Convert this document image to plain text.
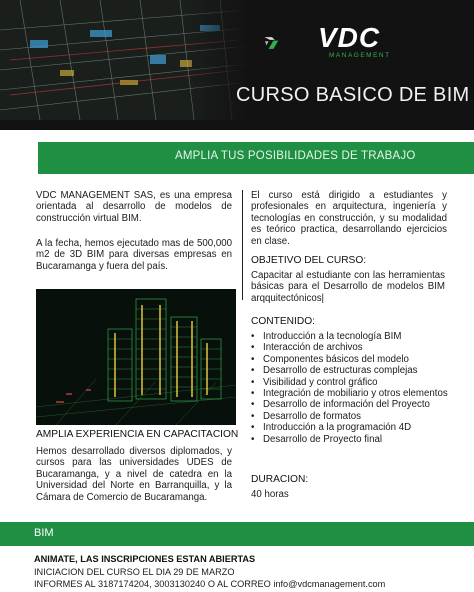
VDC
MANAGEMENT
CURSO BASICO DE BIM
AMPLIA TUS POSIBILIDADES DE TRABAJO
VDC MANAGEMENT SAS, es una empresa orientada al desarrollo de modelos de construcción virtual BIM.
A la fecha, hemos ejecutado mas de 500,000 m2 de 3D BIM para diversas empresas en Bucaramanga y fuera del país.
AMPLIA EXPERIENCIA EN CAPACITACION
Hemos desarrollado diversos diplomados, y cursos para las universidades UDES de Bucaramanga, y a nivel de catedra en la Universidad del Norte en Barranquilla, y la Cámara de Comercio de Bucaramanga.
El curso está dirigido a estudiantes y profesionales en arquitectura, ingeniería y tecnologías en construcción, y su modalidad es teórico practica, desarrollando ejercicios en clase.
OBJETIVO DEL CURSO:
Capacitar al estudiante con las herramientas básicas para el Desarrollo de modelos BIM arqquitectónicos|
CONTENIDO:
• Introducción a la tecnología BIM
• Interacción de archivos
• Componentes básicos del modelo
• Desarrollo de estructuras complejas
• Visibilidad y control gráfico
• Integración de mobiliario y otros elementos
• Desarrollo de información del Proyecto
• Desarrollo de formatos
• Introducción a la programación 4D
• Desarrollo de Proyecto final
DURACION:
40 horas
BIM
ANIMATE, LAS INSCRIPCIONES ESTAN ABIERTAS
INICIACION DEL CURSO EL DIA 29 DE MARZO
INFORMES AL 3187174204, 3003130240 O AL CORREO info@vdcmanagement.com
